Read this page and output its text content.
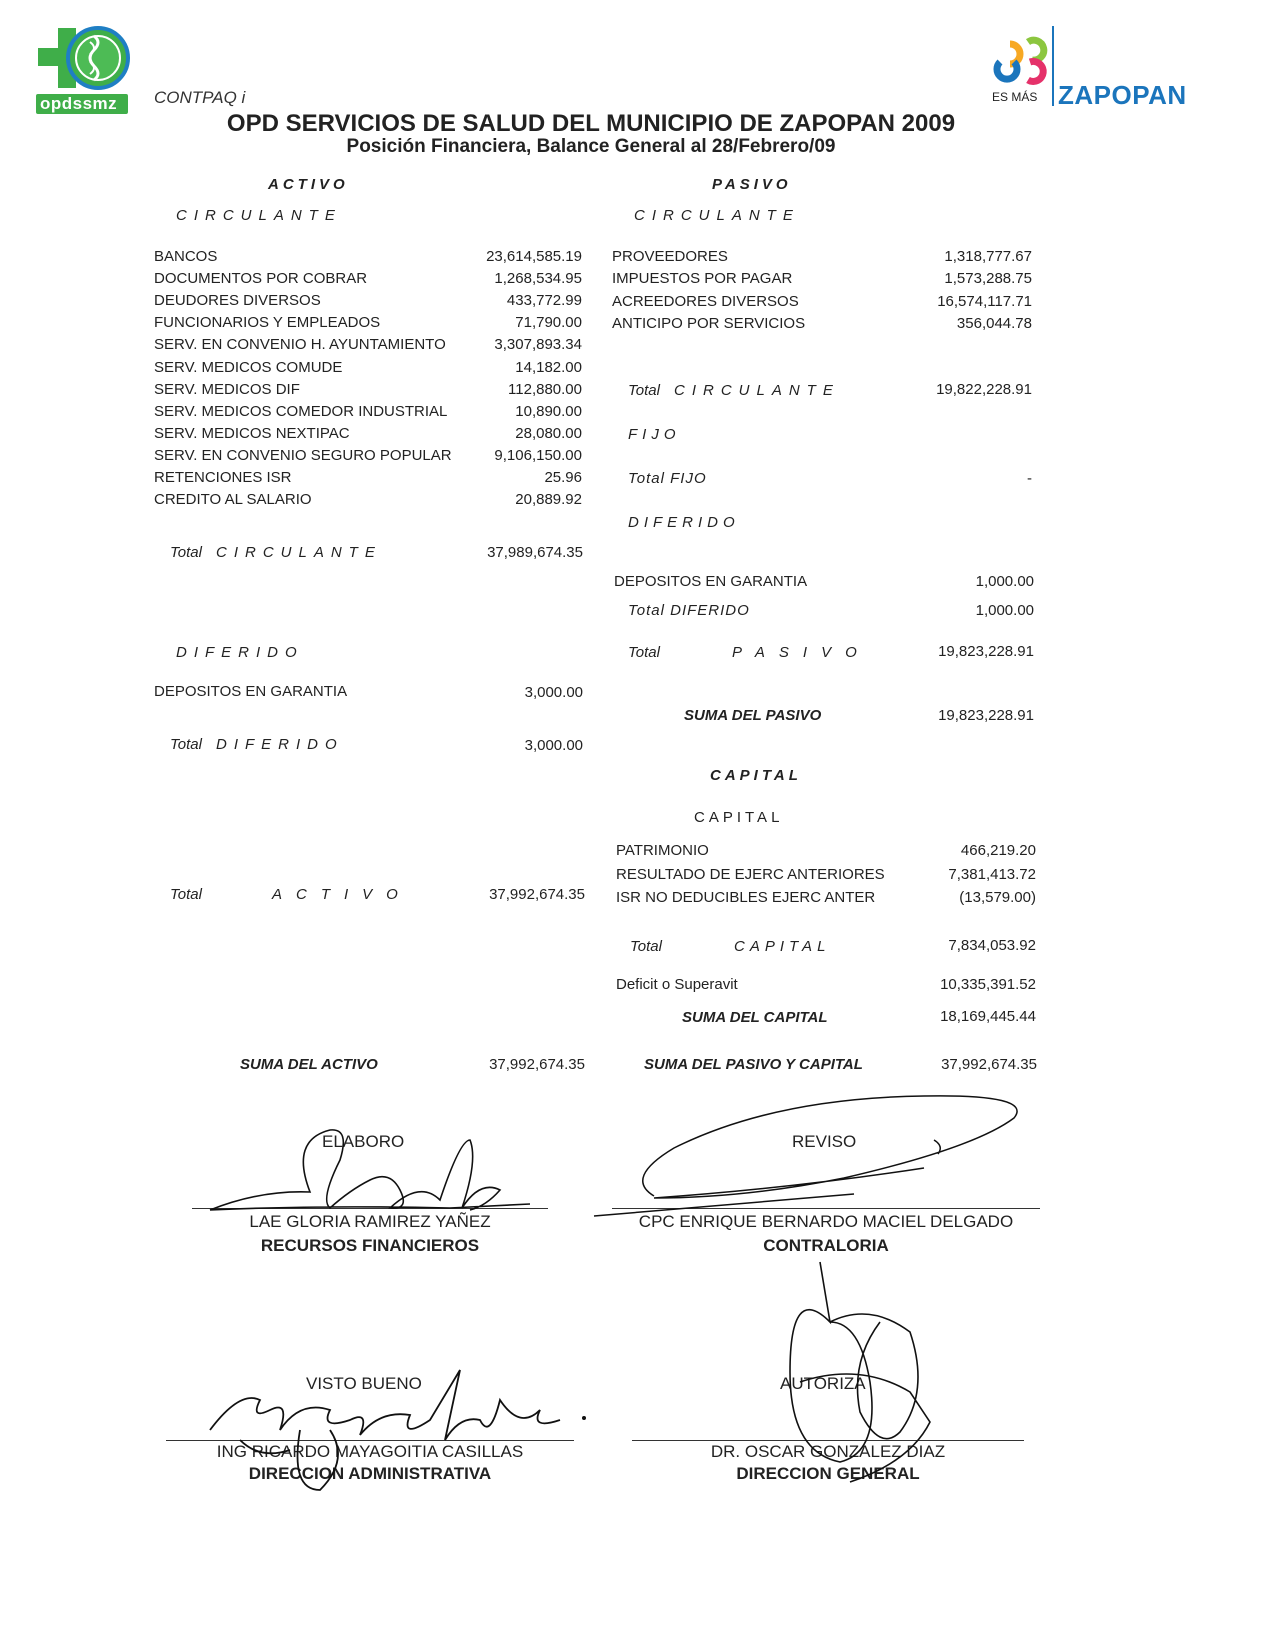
opdssmz	ES MÁS ZAPOPAN
CONTPAQ i
OPD SERVICIOS DE SALUD DEL MUNICIPIO DE ZAPOPAN 2009
Posición Financiera, Balance General al 28/Febrero/09
ACTIVO
CIRCULANTE
BANCOS	23,614,585.19
DOCUMENTOS POR COBRAR	1,268,534.95
DEUDORES DIVERSOS	433,772.99
FUNCIONARIOS Y EMPLEADOS	71,790.00
SERV. EN CONVENIO H. AYUNTAMIENTO	3,307,893.34
SERV. MEDICOS COMUDE	14,182.00
SERV. MEDICOS DIF	112,880.00
SERV. MEDICOS COMEDOR INDUSTRIAL	10,890.00
SERV. MEDICOS NEXTIPAC	28,080.00
SERV. EN CONVENIO SEGURO POPULAR	9,106,150.00
RETENCIONES ISR	25.96
CREDITO AL SALARIO	20,889.92
Total CIRCULANTE	37,989,674.35
DIFERIDO
DEPOSITOS EN GARANTIA	3,000.00
Total DIFERIDO	3,000.00
Total	ACTIVO	37,992,674.35
SUMA DEL ACTIVO	37,992,674.35
PASIVO
CIRCULANTE
PROVEEDORES	1,318,777.67
IMPUESTOS POR PAGAR	1,573,288.75
ACREEDORES DIVERSOS	16,574,117.71
ANTICIPO POR SERVICIOS	356,044.78
Total CIRCULANTE	19,822,228.91
FIJO
Total FIJO	-
DIFERIDO
DEPOSITOS EN GARANTIA	1,000.00
Total DIFERIDO	1,000.00
Total	PASIVO	19,823,228.91
SUMA DEL PASIVO	19,823,228.91
CAPITAL
CAPITAL
PATRIMONIO	466,219.20
RESULTADO DE EJERC ANTERIORES	7,381,413.72
ISR NO DEDUCIBLES EJERC ANTER	(13,579.00)
Total	CAPITAL	7,834,053.92
Deficit o Superavit	10,335,391.52
SUMA DEL CAPITAL	18,169,445.44
SUMA DEL PASIVO Y CAPITAL	37,992,674.35
ELABORO
LAE GLORIA RAMIREZ YAÑEZ
RECURSOS FINANCIEROS
REVISO
CPC ENRIQUE BERNARDO MACIEL DELGADO
CONTRALORIA
VISTO BUENO
ING RICARDO MAYAGOITIA CASILLAS
DIRECCION ADMINISTRATIVA
AUTORIZA
DR. OSCAR GONZALEZ DIAZ
DIRECCION GENERAL
